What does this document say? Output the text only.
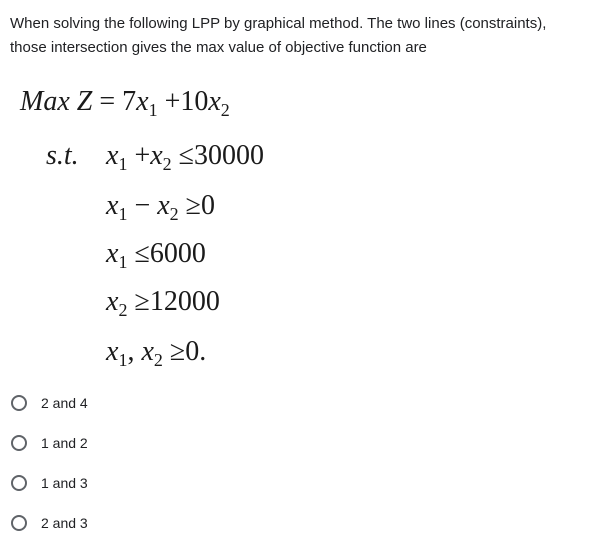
When solving the following LPP by graphical method. The two lines (constraints),

those intersection gives the max value of objective function are

Max $Z = 7x_1 +10x_2$
s.t. $x_1 +x_2 \le 30000$
$x_1 - x_2 \ge 0$
$x_1 \le 6000$
$x_2 \ge 12000$
$x_1$, $x_2 \ge 0$.
2 and 4
1 and 2
1 and 3
2 and 3
